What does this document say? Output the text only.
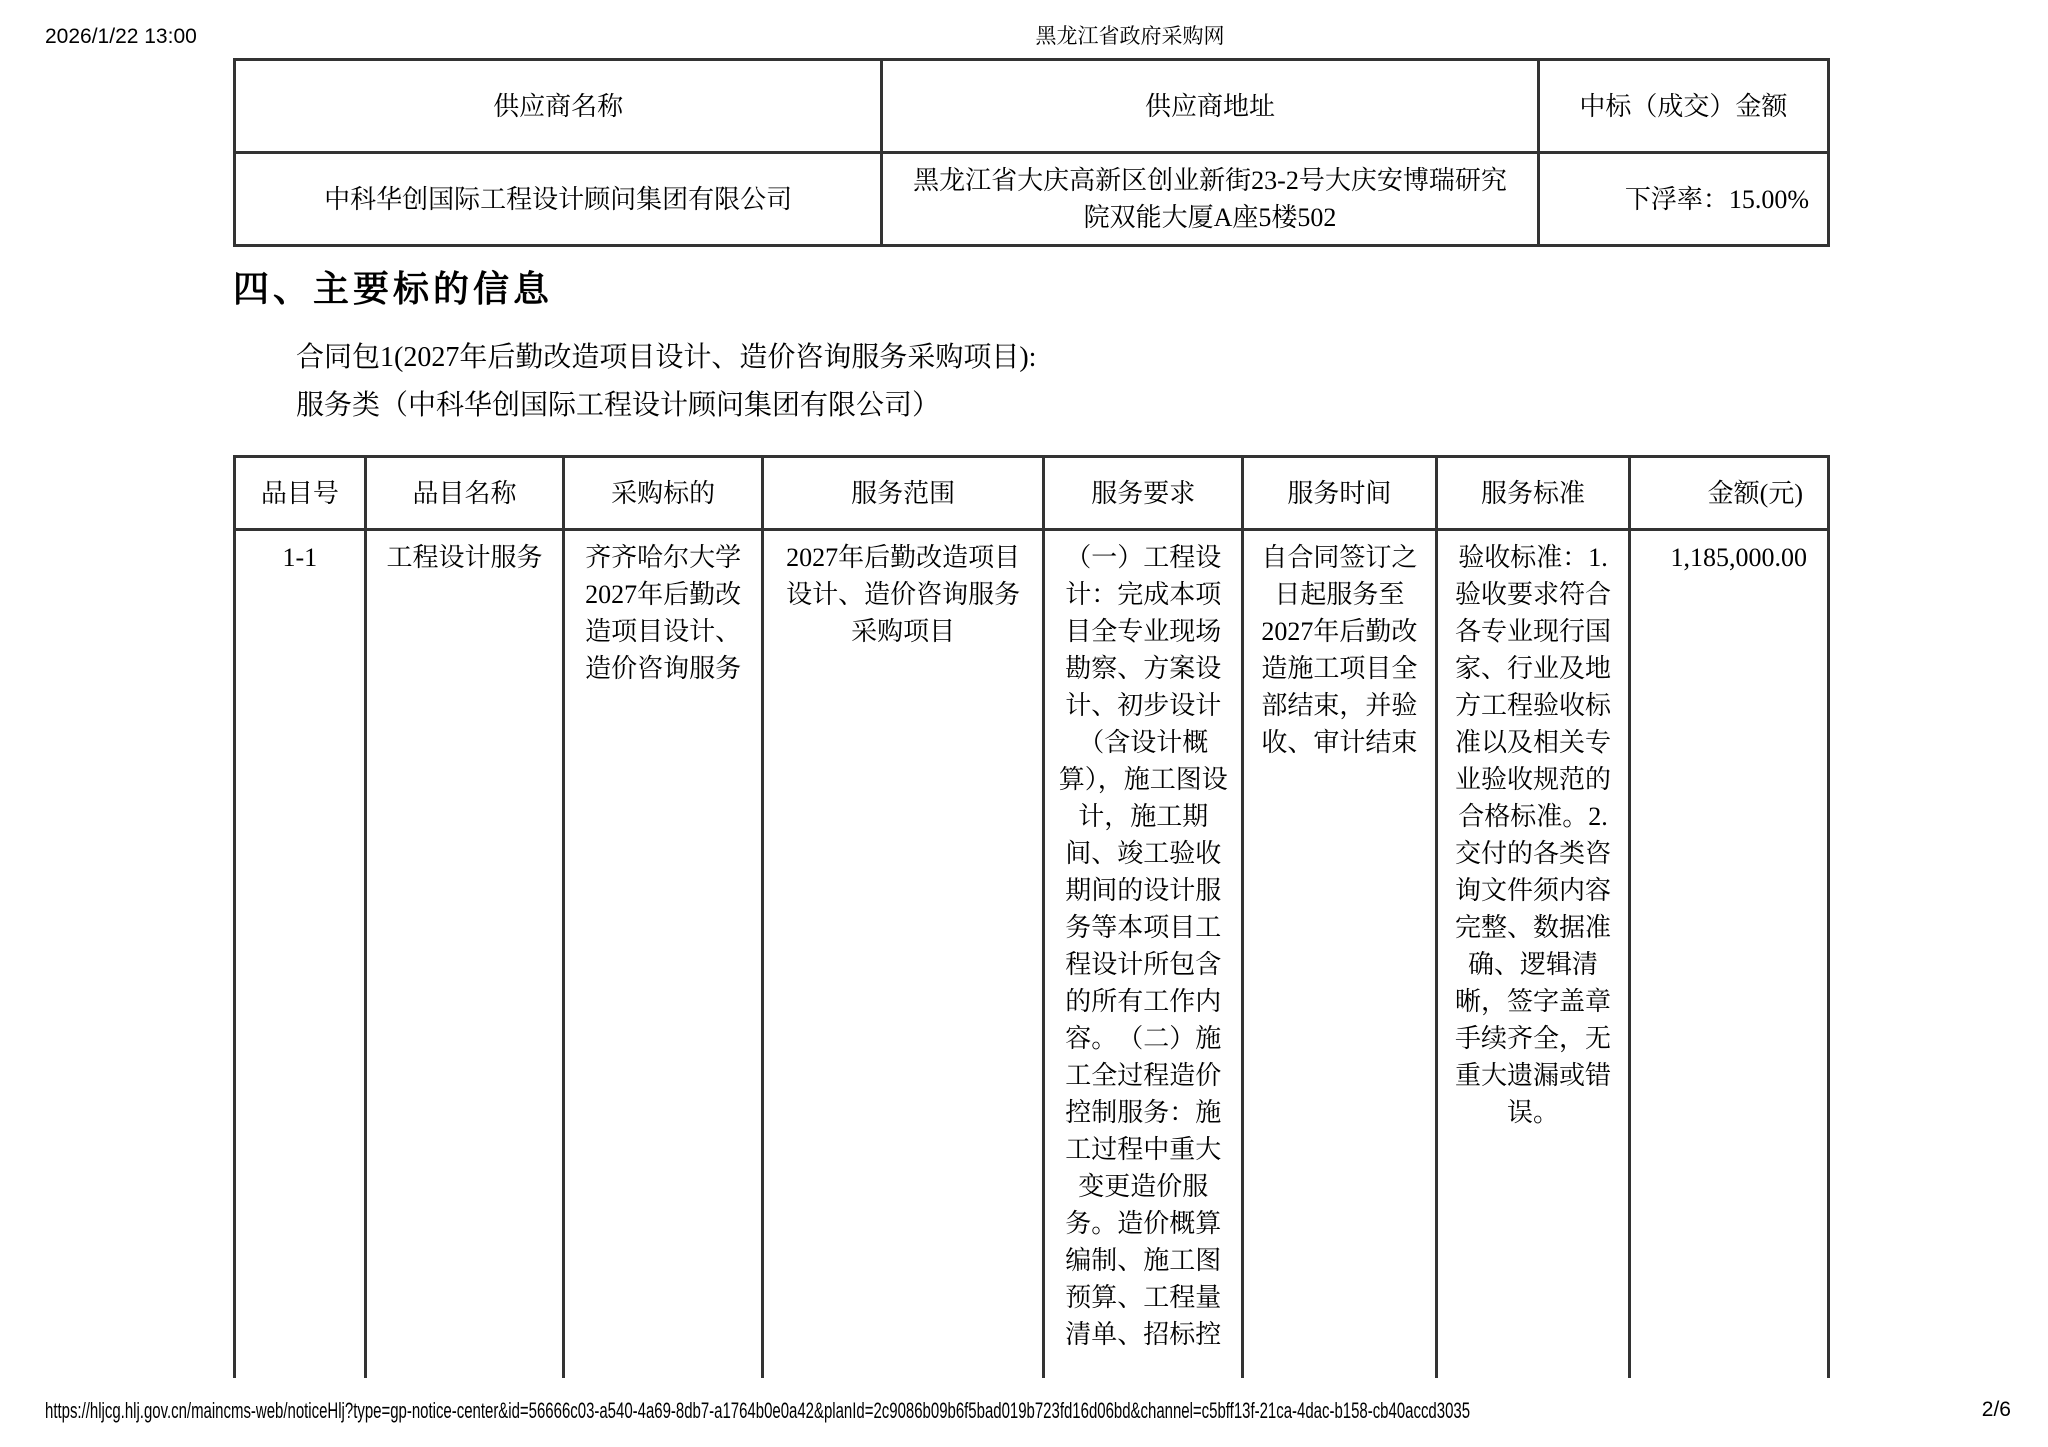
2026/1/22 13:00	黑龙江省政府采购网
供应商名称	供应商地址	中标（成交）金额
中科华创国际工程设计顾问集团有限公司	黑龙江省大庆高新区创业新街23-2号大庆安博瑞研究院双能大厦A座5楼502	下浮率：15.00%
四、主要标的信息

合同包1(2027年后勤改造项目设计、造价咨询服务采购项目):

服务类（中科华创国际工程设计顾问集团有限公司）

品目号	品目名称	采购标的	服务范围	服务要求	服务时间	服务标准	金额(元)
1-1	工程设计服务	齐齐哈尔大学2027年后勤改造项目设计、造价咨询服务	2027年后勤改造项目设计、造价咨询服务采购项目	（一）工程设计：完成本项目全专业现场勘察、方案设计、初步设计（含设计概算），施工图设计，施工期间、竣工验收期间的设计服务等本项目工程设计所包含的所有工作内容。　（二）施工全过程造价控制服务：施工过程中重大变更造价服务。造价概算编制、施工图预算、工程量清单、招标控	自合同签订之日起服务至2027年后勤改造施工项目全部结束，并验收、审计结束	验收标准：1.验收要求符合各专业现行国家、行业及地方工程验收标准以及相关专业验收规范的合格标准。2.交付的各类咨询文件须内容完整、数据准确、逻辑清晰，签字盖章手续齐全，无重大遗漏或错误。	1,185,000.00
https://hljcg.hlj.gov.cn/maincms-web/noticeHlj?type=gp-notice-center&id=56666c03-a540-4a69-8db7-a1764b0e0a42&planId=2c9086b09b6f5bad019b723fd16d06bd&channel=c5bff13f-21ca-4dac-b158-cb40accd3035	2/6
